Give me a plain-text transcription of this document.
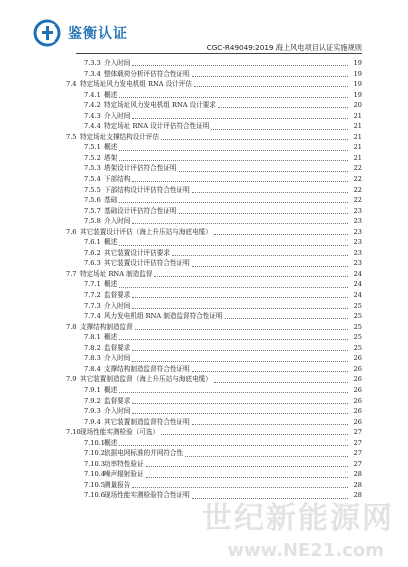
鉴衡认证
CGC-R49049:2019 海上风电项目认证实施规则
7.3.3 介入时间	19
7.3.4 整体载荷分析评估符合性证明	19
7.4 特定场址风力发电机组 RNA 设计评估	19
7.4.1 概述	19
7.4.2 特定场址风力发电机组 RNA 设计要求	20
7.4.3 介入时间	21
7.4.4 特定场址 RNA 设计评估符合性证明	21
7.5 特定场址支撑结构设计评估	21
7.5.1 概述	21
7.5.2 塔架	21
7.5.3 塔架设计评估符合性证明	22
7.5.4 下部结构	22
7.5.5 下部结构设计评估符合性证明	22
7.5.6 基础	22
7.5.7 基础设计评估符合性证明	23
7.5.8 介入时间	23
7.6 其它装置设计评估（海上升压站与海底电缆）	23
7.6.1 概述	23
7.6.2 其它装置设计评估要求	23
7.6.3 其它装置设计评估符合性证明	23
7.7 特定场址 RNA 制造监督	24
7.7.1 概述	24
7.7.2 监督要求	24
7.7.3 介入时间	25
7.7.4 风力发电机组 RNA 制造监督符合性证明	25
7.8 支撑结构制造监督	25
7.8.1 概述	25
7.8.2 监督要求	25
7.8.3 介入时间	26
7.8.4 支撑结构制造监督符合性证明	26
7.9 其它装置制造监督（海上升压站与海底电缆）	26
7.9.1 概述	26
7.9.2 监督要求	26
7.9.3 介入时间	26
7.9.4 其它装置制造监督符合性证明	26
7.10 现场性能实测检验（可选）	27
7.10.1 概述	27
7.10.2 依据电网标准的并网符合性	27
7.10.3 功率特性验证	27
7.10.4 噪声辐射验证	28
7.10.5 测量报告	28
7.10.6 现场性能实测检验符合性证明	28
世纪新能源网
www.NE21.com
